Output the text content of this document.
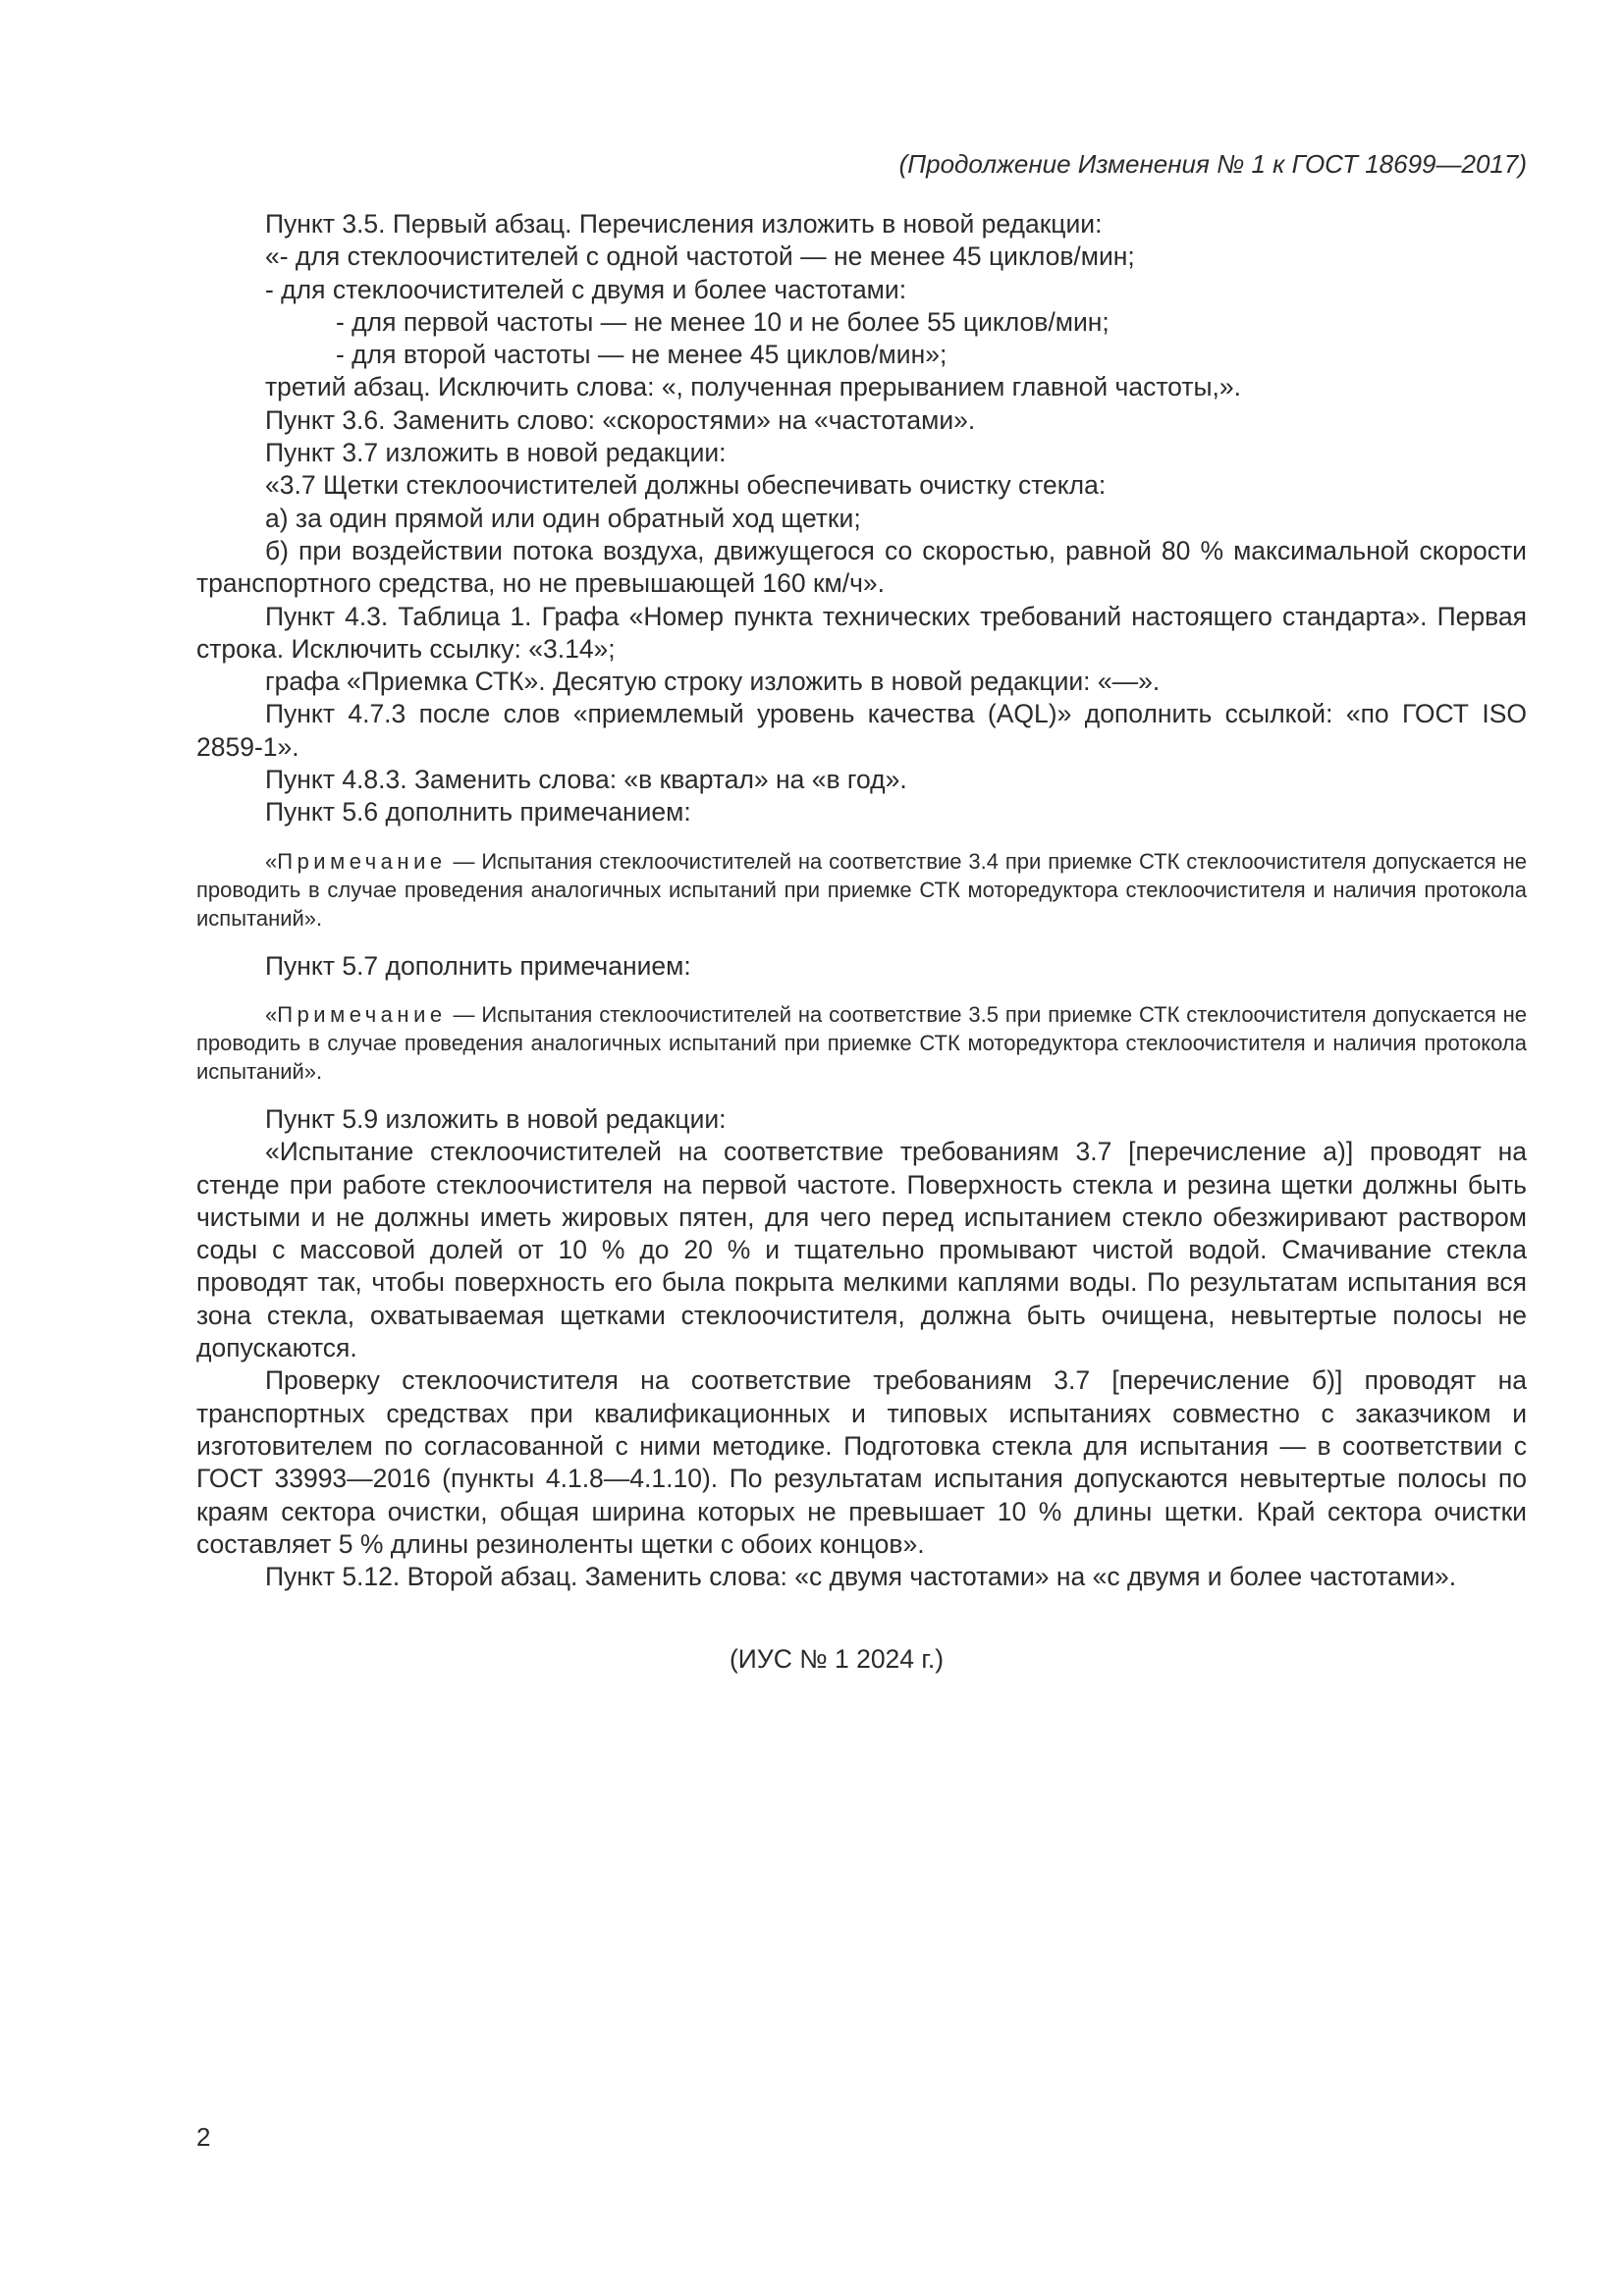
(Продолжение Изменения № 1 к ГОСТ 18699—2017)

Пункт 3.5. Первый абзац. Перечисления изложить в новой редакции:

«- для стеклоочистителей с одной частотой — не менее 45 циклов/мин;

- для стеклоочистителей с двумя и более частотами:

- для первой частоты — не менее 10 и не более 55 циклов/мин;

- для второй частоты — не менее 45 циклов/мин»;

третий абзац. Исключить слова: «, полученная прерыванием главной частоты,».

Пункт 3.6. Заменить слово: «скоростями» на «частотами».

Пункт 3.7 изложить в новой редакции:

«3.7 Щетки стеклоочистителей должны обеспечивать очистку стекла:

а) за один прямой или один обратный ход щетки;

б) при воздействии потока воздуха, движущегося со скоростью, равной 80 % максимальной скорости транспортного средства, но не превышающей 160 км/ч».

Пункт 4.3. Таблица 1. Графа «Номер пункта технических требований настоящего стандарта». Первая строка. Исключить ссылку: «3.14»;

графа «Приемка СТК». Десятую строку изложить в новой редакции: «—».

Пункт 4.7.3 после слов «приемлемый уровень качества (AQL)» дополнить ссылкой: «по ГОСТ ISO 2859-1».

Пункт 4.8.3. Заменить слова: «в квартал» на «в год».

Пункт 5.6 дополнить примечанием:

«Примечание — Испытания стеклоочистителей на соответствие 3.4 при приемке СТК стеклоочистителя допускается не проводить в случае проведения аналогичных испытаний при приемке СТК моторедуктора стеклоочистителя и наличия протокола испытаний».

Пункт 5.7 дополнить примечанием:

«Примечание — Испытания стеклоочистителей на соответствие 3.5 при приемке СТК стеклоочистителя допускается не проводить в случае проведения аналогичных испытаний при приемке СТК моторедуктора стеклоочистителя и наличия протокола испытаний».

Пункт 5.9 изложить в новой редакции:

«Испытание стеклоочистителей на соответствие требованиям 3.7 [перечисление а)] проводят на стенде при работе стеклоочистителя на первой частоте. Поверхность стекла и резина щетки должны быть чистыми и не должны иметь жировых пятен, для чего перед испытанием стекло обезжиривают раствором соды с массовой долей от 10 % до 20 % и тщательно промывают чистой водой. Смачивание стекла проводят так, чтобы поверхность его была покрыта мелкими каплями воды. По результатам испытания вся зона стекла, охватываемая щетками стеклоочистителя, должна быть очищена, невытертые полосы не допускаются.

Проверку стеклоочистителя на соответствие требованиям 3.7 [перечисление б)] проводят на транспортных средствах при квалификационных и типовых испытаниях совместно с заказчиком и изготовителем по согласованной с ними методике. Подготовка стекла для испытания — в соответствии с ГОСТ 33993—2016 (пункты 4.1.8—4.1.10). По результатам испытания допускаются невытертые полосы по краям сектора очистки, общая ширина которых не превышает 10 % длины щетки. Край сектора очистки составляет 5 % длины резиноленты щетки с обоих концов».

Пункт 5.12. Второй абзац. Заменить слова: «с двумя частотами» на «с двумя и более частотами».

(ИУС № 1 2024 г.)
2
